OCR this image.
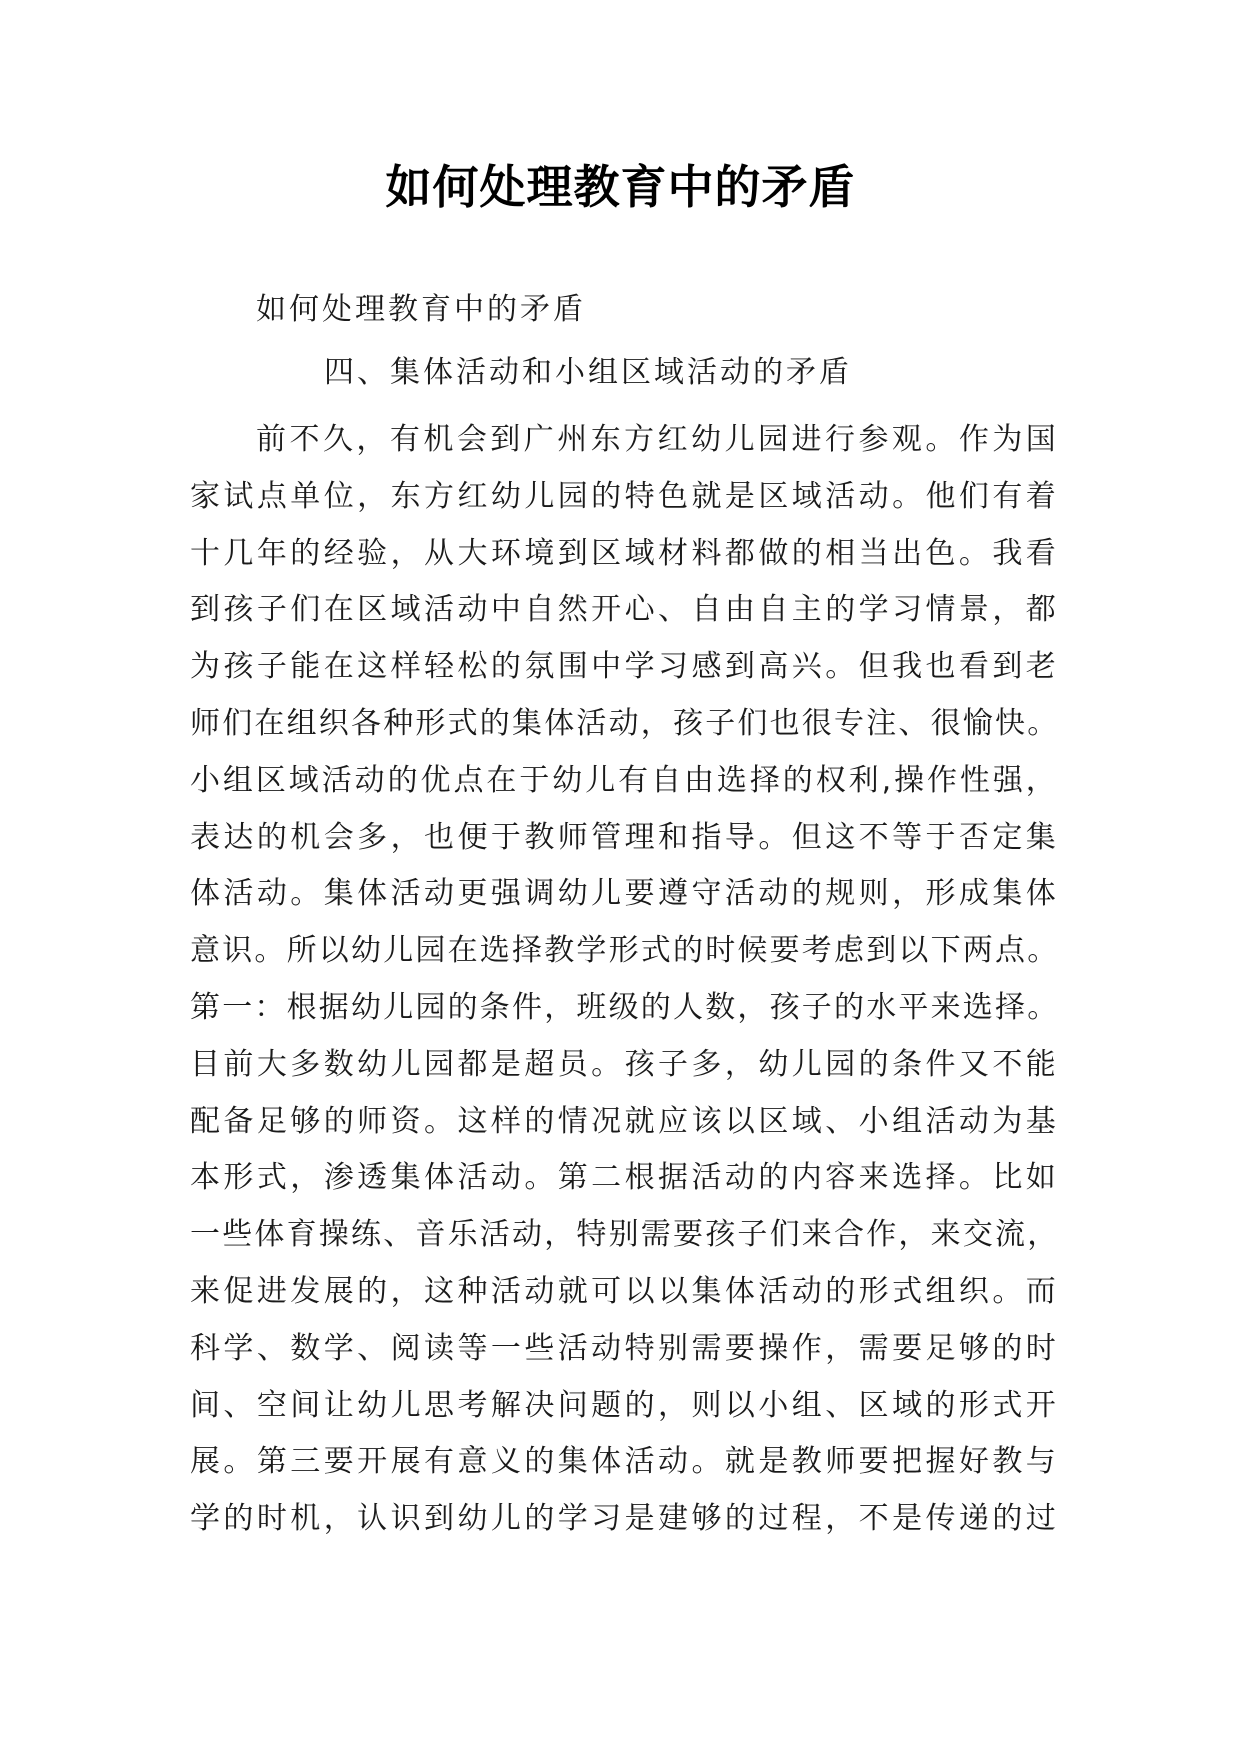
如何处理教育中的矛盾
如何处理教育中的矛盾
四、集体活动和小组区域活动的矛盾
前不久，有机会到广州东方红幼儿园进行参观。作为国
家试点单位，东方红幼儿园的特色就是区域活动。他们有着
十几年的经验，从大环境到区域材料都做的相当出色。我看
到孩子们在区域活动中自然开心、自由自主的学习情景，都
为孩子能在这样轻松的氛围中学习感到高兴。但我也看到老
师们在组织各种形式的集体活动，孩子们也很专注、很愉快。
小组区域活动的优点在于幼儿有自由选择的权利,操作性强，
表达的机会多，也便于教师管理和指导。但这不等于否定集
体活动。集体活动更强调幼儿要遵守活动的规则，形成集体
意识。所以幼儿园在选择教学形式的时候要考虑到以下两点。
第一：根据幼儿园的条件，班级的人数，孩子的水平来选择。
目前大多数幼儿园都是超员。孩子多，幼儿园的条件又不能
配备足够的师资。这样的情况就应该以区域、小组活动为基
本形式，渗透集体活动。第二根据活动的内容来选择。比如
一些体育操练、音乐活动，特别需要孩子们来合作，来交流，
来促进发展的，这种活动就可以以集体活动的形式组织。而
科学、数学、阅读等一些活动特别需要操作，需要足够的时
间、空间让幼儿思考解决问题的，则以小组、区域的形式开
展。第三要开展有意义的集体活动。就是教师要把握好教与
学的时机，认识到幼儿的学习是建够的过程，不是传递的过
